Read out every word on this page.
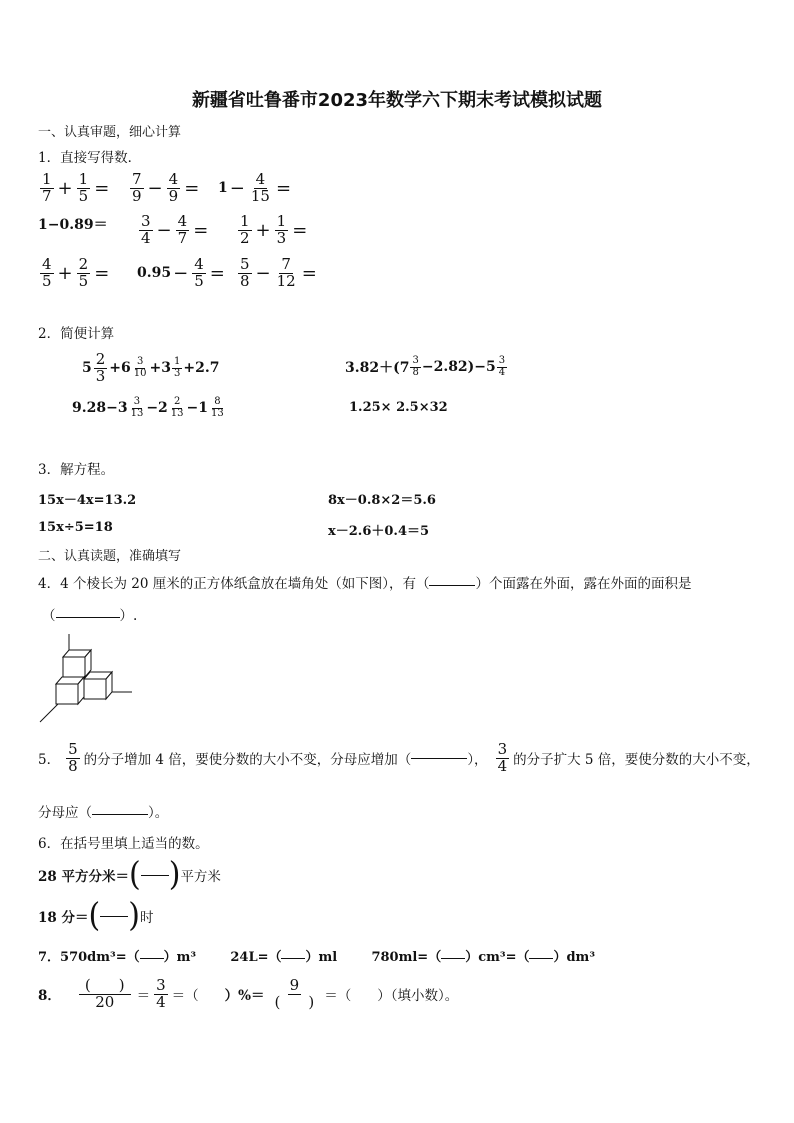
新疆省吐鲁番市2023年数学六下期末考试模拟试题
一、认真审题，细心计算
1．直接写得数．
$\frac{1}{7} + \frac{1}{5} = \frac{7}{9} - \frac{4}{9} = 1 - \frac{4}{15}$ =
$1-0.89= \frac{3}{4} - \frac{4}{7} = \frac{1}{2} + \frac{1}{3}$ =
$\frac{4}{5} + \frac{2}{5} = 0.95 - \frac{4}{5} = \frac{5}{8} - \frac{7}{12}$ =
2．简便计算
$5 \frac{2}{3} +6 \frac{3}{10} +3 \frac{1}{3} +2.7$	$3.82+(7 \frac{3}{8} -2.82)-5 \frac{3}{4}$
$9.28-3 \frac{3}{13} -2 \frac{2}{13} -1 \frac{8}{13}$	1.25× 2.5×32
3．解方程。
15x－4x=13.2	8x－0.8×2＝5.6
15x÷5=18	x－2.6＋0.4＝5
二、认真读题，准确填写
4．4 个棱长为 20 厘米的正方体纸盒放在墙角处（如下图），有（	）个面露在外面，露在外面的面积是
（	）.
5． $\frac{5}{8}$ 的分子增加 4 倍，要使分数的大小不变，分母应增加（	）， $\frac{3}{4}$ 的分子扩大 5 倍，要使分数的大小不变，
分母应（	）。
6．在括号里填上适当的数。
28 平方分米＝ ( ) 平方米
18 分＝ ( ) 时
7．570dm³=（ ）m³	24L=（ ）ml	780ml=（ ）cm³=（ ）dm³
8． $\frac{( )}{20} = \frac{3}{4}$ ＝（ ）%＝ $\frac{9}{( )}$ ＝（ ）（填小数）。
